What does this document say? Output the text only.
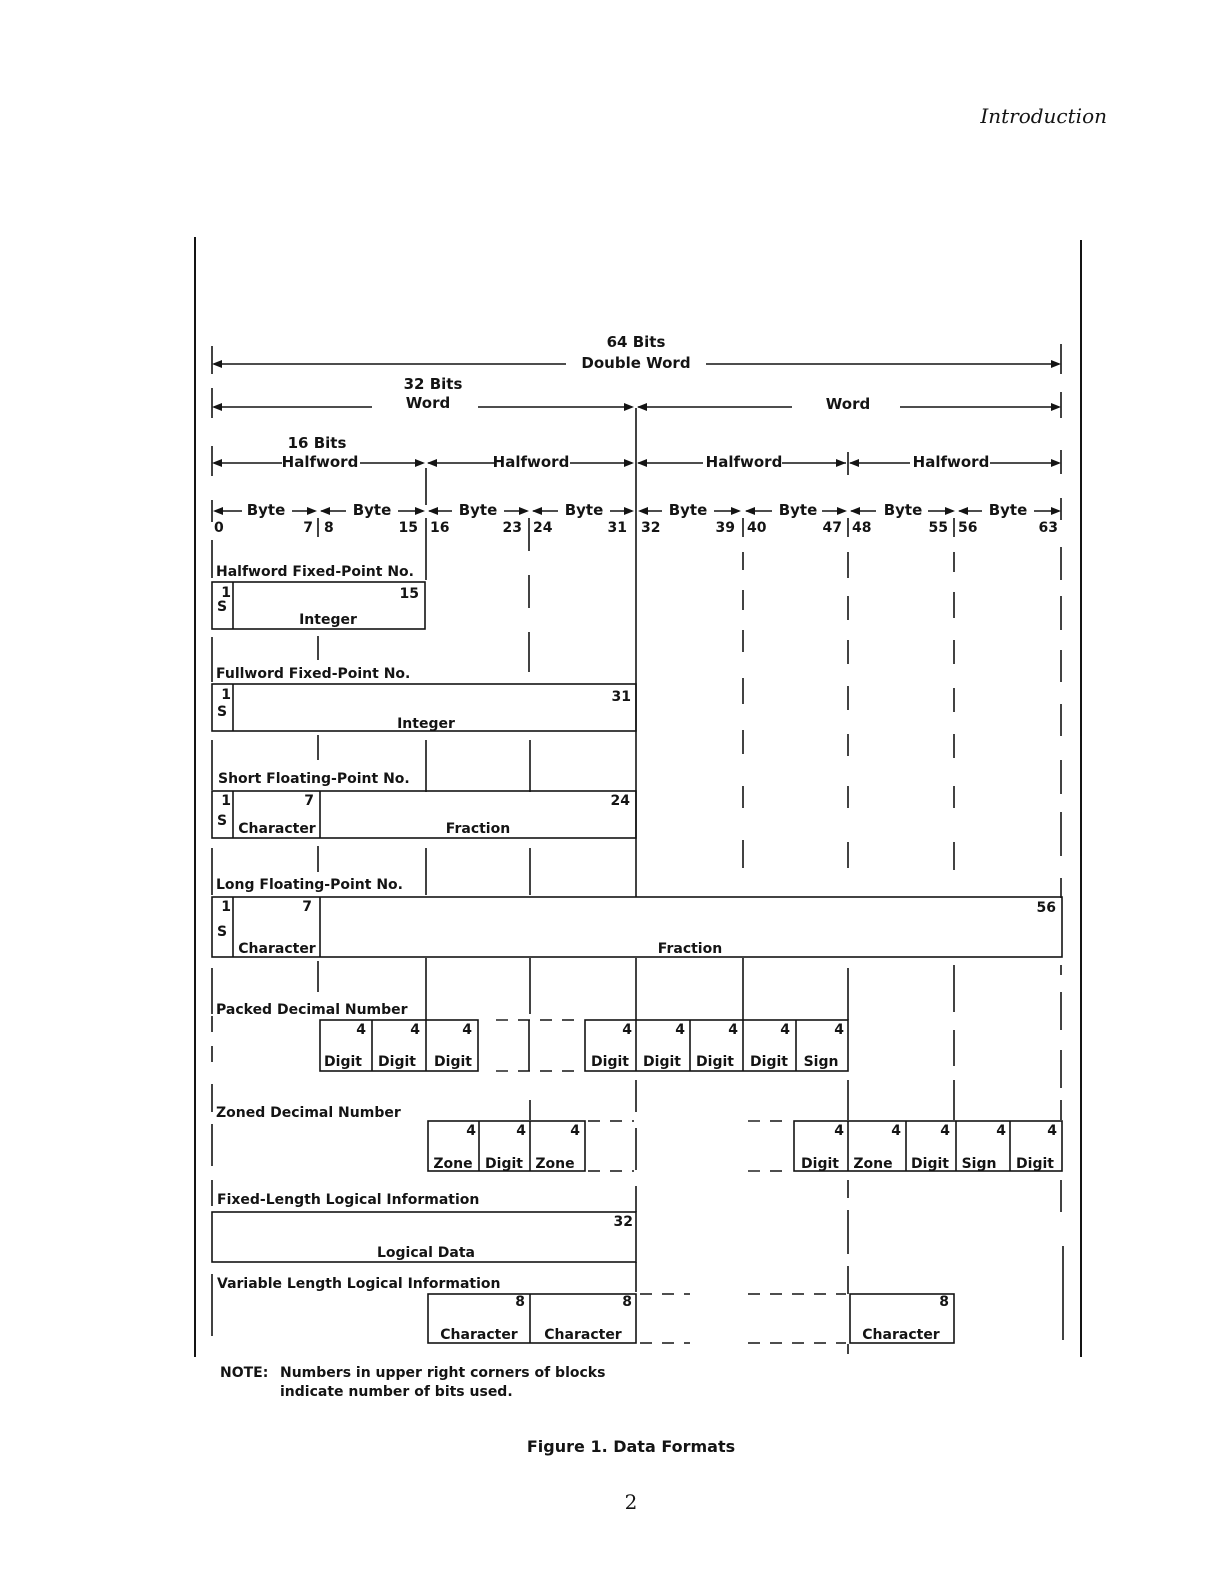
Introduction
64 Bits
Double Word
32 Bits
Word	Word
16 Bits
Halfword	Halfword	Halfword	Halfword
Byte	Byte	Byte	Byte	Byte	Byte	Byte	Byte
0	7 8	15 16	23 24	31 32	39 40	47 48	55 56	63
Halfword Fixed-Point No.
1
S
15
Integer
Fullword Fixed-Point No.
1
S
31
Integer
Short Floating-Point No.
1
S
7
Character
24
Fraction
Long Floating-Point No.
1
S
7
Character
56
Fraction
Packed Decimal Number
4	4	4	4	4	4	4	4
Digit Digit Digit	Digit Digit Digit Digit Sign
Zoned Decimal Number
4	4	4	4	4	4	4	4
Zone Digit Zone	Digit Zone Digit Sign Digit
Fixed-Length Logical Information
32
Logical Data
Variable Length Logical Information
8	8	8
Character Character	Character
NOTE: Numbers in upper right corners of blocks
indicate number of bits used.
Figure 1. Data Formats
2
